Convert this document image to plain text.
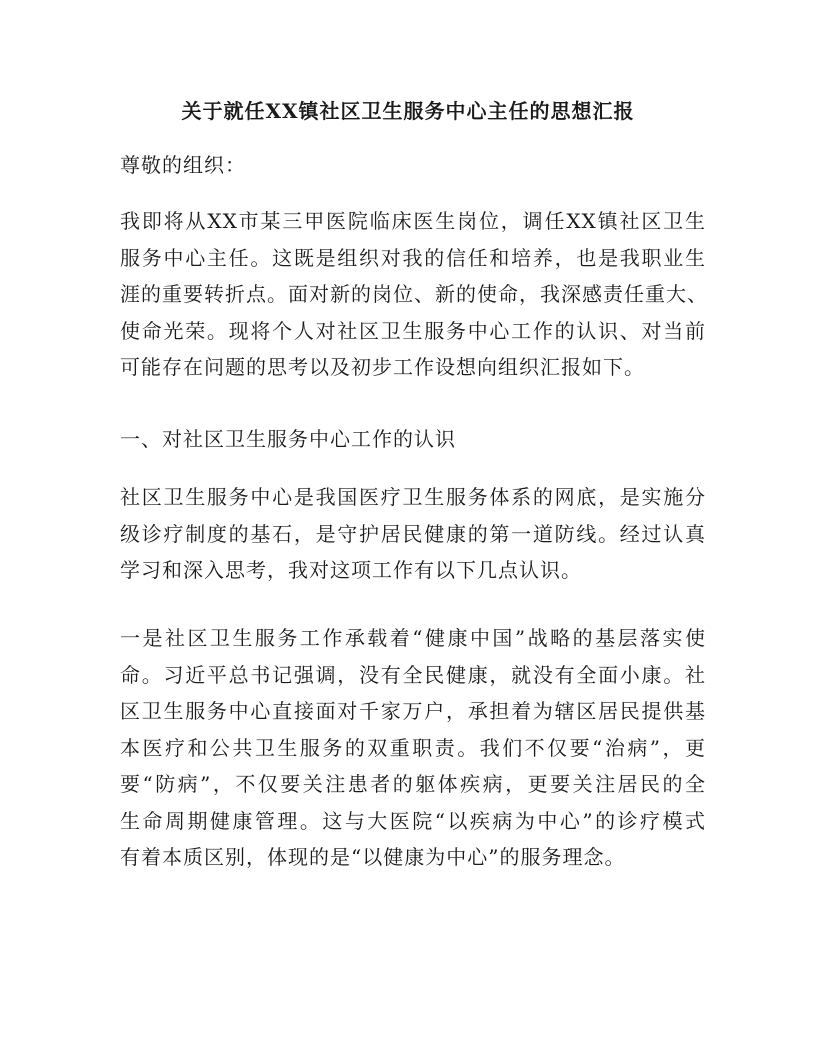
关于就任XX镇社区卫生服务中心主任的思想汇报
尊敬的组织：
我即将从XX市某三甲医院临床医生岗位，调任XX镇社区卫生
服务中心主任。这既是组织对我的信任和培养，也是我职业生
涯的重要转折点。面对新的岗位、新的使命，我深感责任重大、
使命光荣。现将个人对社区卫生服务中心工作的认识、对当前
可能存在问题的思考以及初步工作设想向组织汇报如下。
一、对社区卫生服务中心工作的认识
社区卫生服务中心是我国医疗卫生服务体系的网底，是实施分
级诊疗制度的基石，是守护居民健康的第一道防线。经过认真
学习和深入思考，我对这项工作有以下几点认识。
一是社区卫生服务工作承载着“健康中国”战略的基层落实使
命。习近平总书记强调，没有全民健康，就没有全面小康。社
区卫生服务中心直接面对千家万户，承担着为辖区居民提供基
本医疗和公共卫生服务的双重职责。我们不仅要“治病”，更
要“防病”，不仅要关注患者的躯体疾病，更要关注居民的全
生命周期健康管理。这与大医院“以疾病为中心”的诊疗模式
有着本质区别，体现的是“以健康为中心”的服务理念。
